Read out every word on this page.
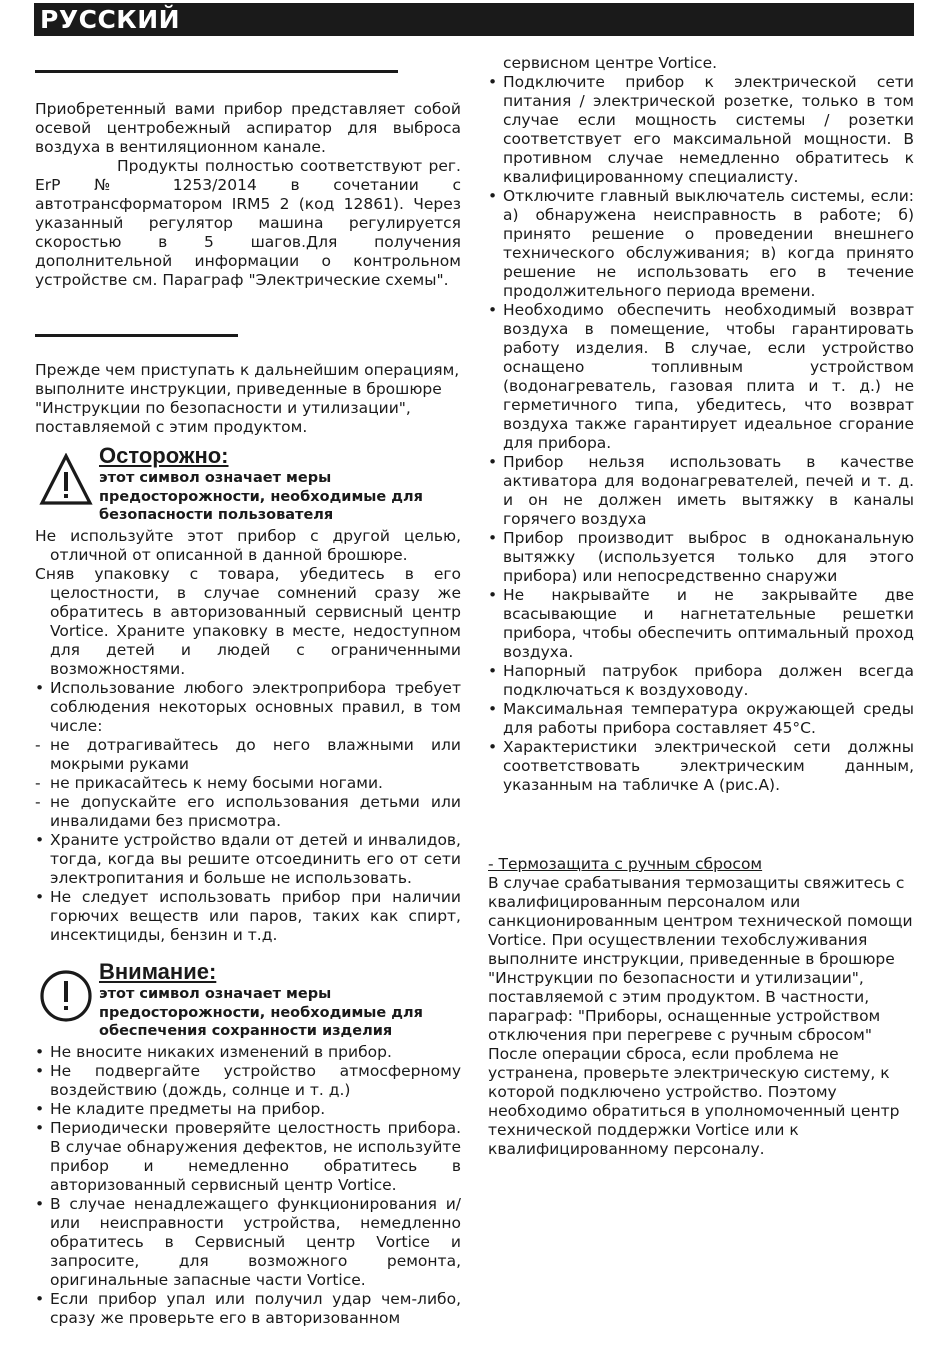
РУССКИЙ

Приобретенный вами прибор представляет собой осевой центробежный аспиратор для выброса воздуха в вентиляционном канале.

Продукты полностью соответствуют рег. ErP № 1253/2014 в сочетании с автотрансформатором IRM5 2 (код 12861). Через указанный регулятор машина регулируется скоростью в 5 шагов.Для получения дополнительной информации о контрольном устройстве см. Параграф "Электрические схемы".

Прежде чем приступать к дальнейшим операциям, выполните инструкции, приведенные в брошюре "Инструкции по безопасности и утилизации", поставляемой с этим продуктом.

Осторожно:
этот символ означает меры предосторожности, необходимые для безопасности пользователя
Не используйте этот прибор с другой целью, отличной от описанной в данной брошюре.
Сняв упаковку с товара, убедитесь в его целостности, в случае сомнений сразу же обратитесь в авторизованный сервисный центр Vortice. Храните упаковку в месте, недоступном для детей и людей с ограниченными возможностями.
• Использование любого электроприбора требует соблюдения некоторых основных правил, в том числе:
- не дотрагивайтесь до него влажными или мокрыми руками
- не прикасайтесь к нему босыми ногами.
- не допускайте его использования детьми или инвалидами без присмотра.
• Храните устройство вдали от детей и инвалидов, тогда, когда вы решите отсоединить его от сети электропитания и больше не использовать.
• Не следует использовать прибор при наличии горючих веществ или паров, таких как спирт, инсектициды, бензин и т.д.
Внимание:
этот символ означает меры предосторожности, необходимые для обеспечения сохранности изделия
• Не вносите никаких изменений в прибор.
• Не подвергайте устройство атмосферному воздействию (дождь, солнце и т. д.)
• Не кладите предметы на прибор.
• Периодически проверяйте целостность прибора. В случае обнаружения дефектов, не используйте прибор и немедленно обратитесь в авторизованный сервисный центр Vortice.
• В случае ненадлежащего функционирования и/или неисправности устройства, немедленно обратитесь в Сервисный центр Vortice и запросите, для возможного ремонта, оригинальные запасные части Vortice.
• Если прибор упал или получил удар чем-либо, сразу же проверьте его в авторизованном
сервисном центре Vortice.
• Подключите прибор к электрической сети питания / электрической розетке, только в том случае если мощность системы / розетки соответствует его максимальной мощности. В противном случае немедленно обратитесь к квалифицированному специалисту.
• Отключите главный выключатель системы, если: а) обнаружена неисправность в работе; б) принято решение о проведении внешнего технического обслуживания; в) когда принято решение не использовать его в течение продолжительного периода времени.
• Необходимо обеспечить необходимый возврат воздуха в помещение, чтобы гарантировать работу изделия. В случае, если устройство оснащено топливным устройством (водонагреватель, газовая плита и т. д.) не герметичного типа, убедитесь, что возврат воздуха также гарантирует идеальное сгорание для прибора.
• Прибор нельзя использовать в качестве активатора для водонагревателей, печей и т. д. и он не должен иметь вытяжку в каналы горячего воздуха
• Прибор производит выброс в одноканальную вытяжку (используется только для этого прибора) или непосредственно снаружи
• Не накрывайте и не закрывайте две всасывающие и нагнетательные решетки прибора, чтобы обеспечить оптимальный проход воздуха.
• Напорный патрубок прибора должен всегда подключаться к воздуховоду.
• Максимальная температура окружающей среды для работы прибора составляет 45°C.
• Характеристики электрической сети должны соответствовать электрическим данным, указанным на табличке A (рис.A).

- Термозащита с ручным сбросом

В случае срабатывания термозащиты свяжитесь с квалифицированным персоналом или санкционированным центром технической помощи Vortice. При осуществлении техобслуживания выполните инструкции, приведенные в брошюре "Инструкции по безопасности и утилизации", поставляемой с этим продуктом. В частности, параграф: "Приборы, оснащенные устройством отключения при перегреве с ручным сбросом" После операции сброса, если проблема не устранена, проверьте электрическую систему, к которой подключено устройство. Поэтому необходимо обратиться в уполномоченный центр технической поддержки Vortice или к квалифицированному персоналу.
